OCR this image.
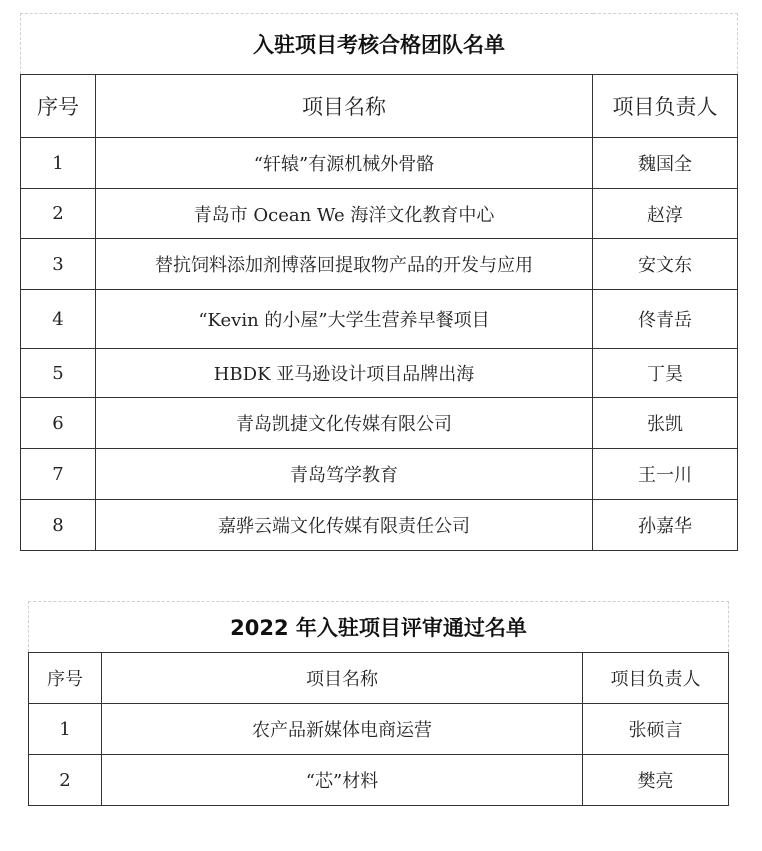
入驻项目考核合格团队名单		
序号	项目名称	项目负责人
1	“轩辕”有源机械外骨骼	魏国全
2	青岛市 Ocean We 海洋文化教育中心	赵淳
3	替抗饲料添加剂博落回提取物产品的开发与应用	安文东
4	“Kevin 的小屋”大学生营养早餐项目	佟青岳
5	HBDK 亚马逊设计项目品牌出海	丁昊
6	青岛凯捷文化传媒有限公司	张凯
7	青岛笃学教育	王一川
8	嘉骅云端文化传媒有限责任公司	孙嘉华
2022 年入驻项目评审通过名单		
序号	项目名称	项目负责人
1	农产品新媒体电商运营	张硕言
2	“芯”材料	樊亮
